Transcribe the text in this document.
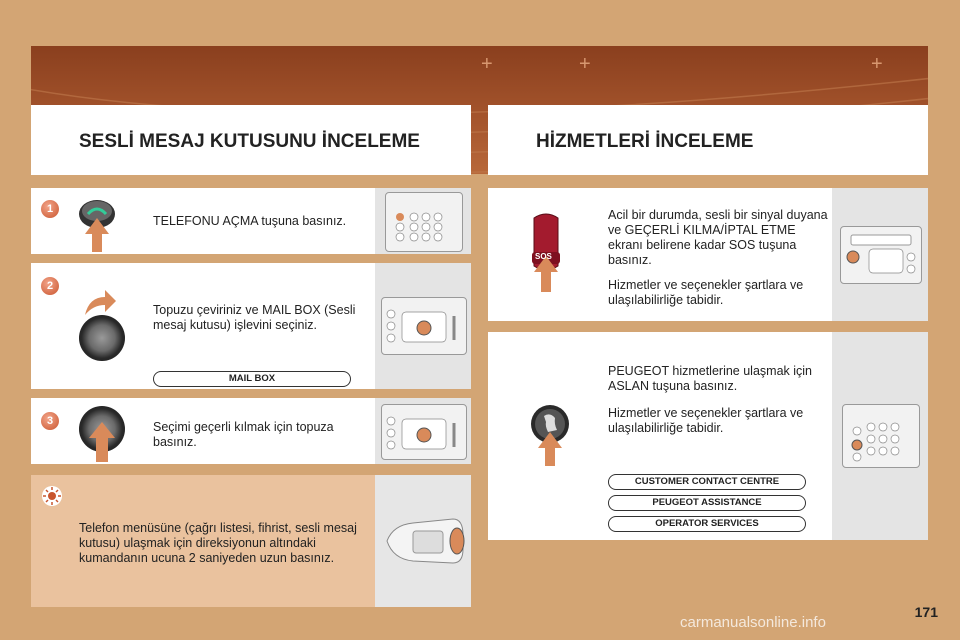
+	+	+
SESLİ MESAJ KUTUSUNU İNCELEME	HİZMETLERİ İNCELEME
1
TELEFONU AÇMA tuşuna basınız.
2
Topuzu çeviriniz ve MAIL BOX (Sesli mesaj kutusu) işlevini seçiniz.
MAIL BOX
3	Seçimi geçerli kılmak için topuza basınız.
Telefon menüsüne (çağrı listesi, fihrist, sesli mesaj kutusu) ulaşmak için direksiyonun altındaki kumandanın ucuna 2 saniyeden uzun basınız.
SOS
Acil bir durumda, sesli bir sinyal duyana ve GEÇERLİ KILMA/İPTAL ETME ekranı belirene kadar SOS tuşuna basınız.
Hizmetler ve seçenekler şartlara ve ulaşılabilirliğe tabidir.
PEUGEOT hizmetlerine ulaşmak için ASLAN tuşuna basınız.
Hizmetler ve seçenekler şartlara ve ulaşılabilirliğe tabidir.
CUSTOMER CONTACT CENTRE
PEUGEOT ASSISTANCE
OPERATOR SERVICES
171
carmanualsonline.info
